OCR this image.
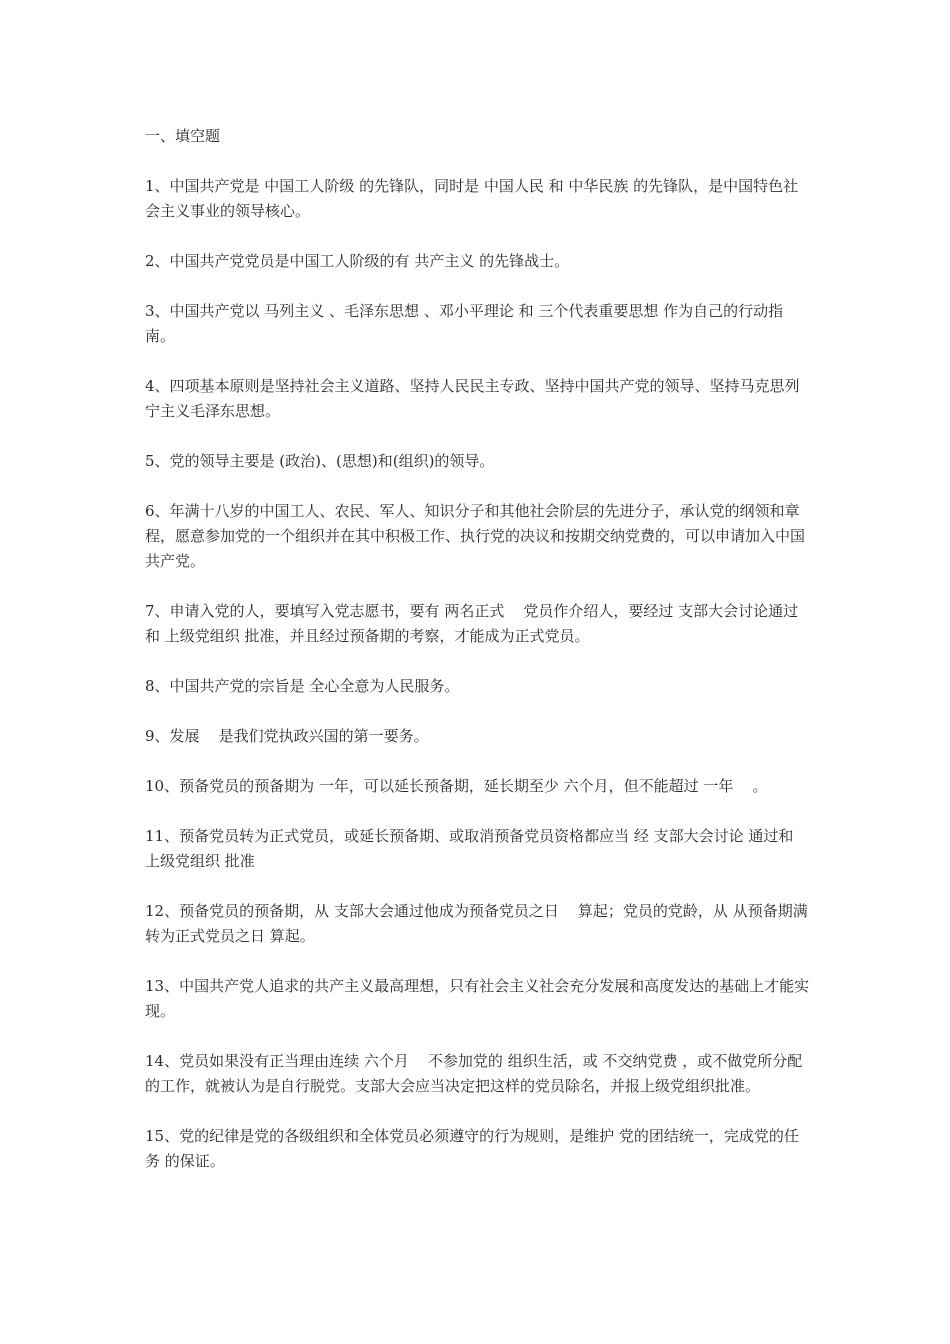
一、填空题

1、中国共产党是 中国工人阶级 的先锋队，同时是 中国人民 和 中华民族 的先锋队，是中国特色社会主义事业的领导核心。

2、中国共产党党员是中国工人阶级的有 共产主义 的先锋战士。

3、中国共产党以 马列主义 、毛泽东思想 、邓小平理论 和 三个代表重要思想 作为自己的行动指南。

4、四项基本原则是坚持社会主义道路、坚持人民民主专政、坚持中国共产党的领导、坚持马克思列宁主义毛泽东思想。

5、党的领导主要是 (政治)、(思想)和(组织)的领导。

6、年满十八岁的中国工人、农民、军人、知识分子和其他社会阶层的先进分子，承认党的纲领和章程，愿意参加党的一个组织并在其中积极工作、执行党的决议和按期交纳党费的，可以申请加入中国共产党。

7、申请入党的人，要填写入党志愿书，要有 两名正式    党员作介绍人，要经过 支部大会讨论通过和 上级党组织 批准，并且经过预备期的考察，才能成为正式党员。

8、中国共产党的宗旨是 全心全意为人民服务。

9、发展    是我们党执政兴国的第一要务。

10、预备党员的预备期为 一年，可以延长预备期，延长期至少 六个月，但不能超过 一年    。

11、预备党员转为正式党员，或延长预备期、或取消预备党员资格都应当 经 支部大会讨论 通过和 上级党组织 批准

12、预备党员的预备期，从 支部大会通过他成为预备党员之日    算起；党员的党龄，从 从预备期满转为正式党员之日 算起。

13、中国共产党人追求的共产主义最高理想，只有社会主义社会充分发展和高度发达的基础上才能实现。

14、党员如果没有正当理由连续 六个月    不参加党的 组织生活，或 不交纳党费 ，或不做党所分配的工作，就被认为是自行脱党。支部大会应当决定把这样的党员除名，并报上级党组织批准。

15、党的纪律是党的各级组织和全体党员必须遵守的行为规则，是维护 党的团结统一，完成党的任务 的保证。
